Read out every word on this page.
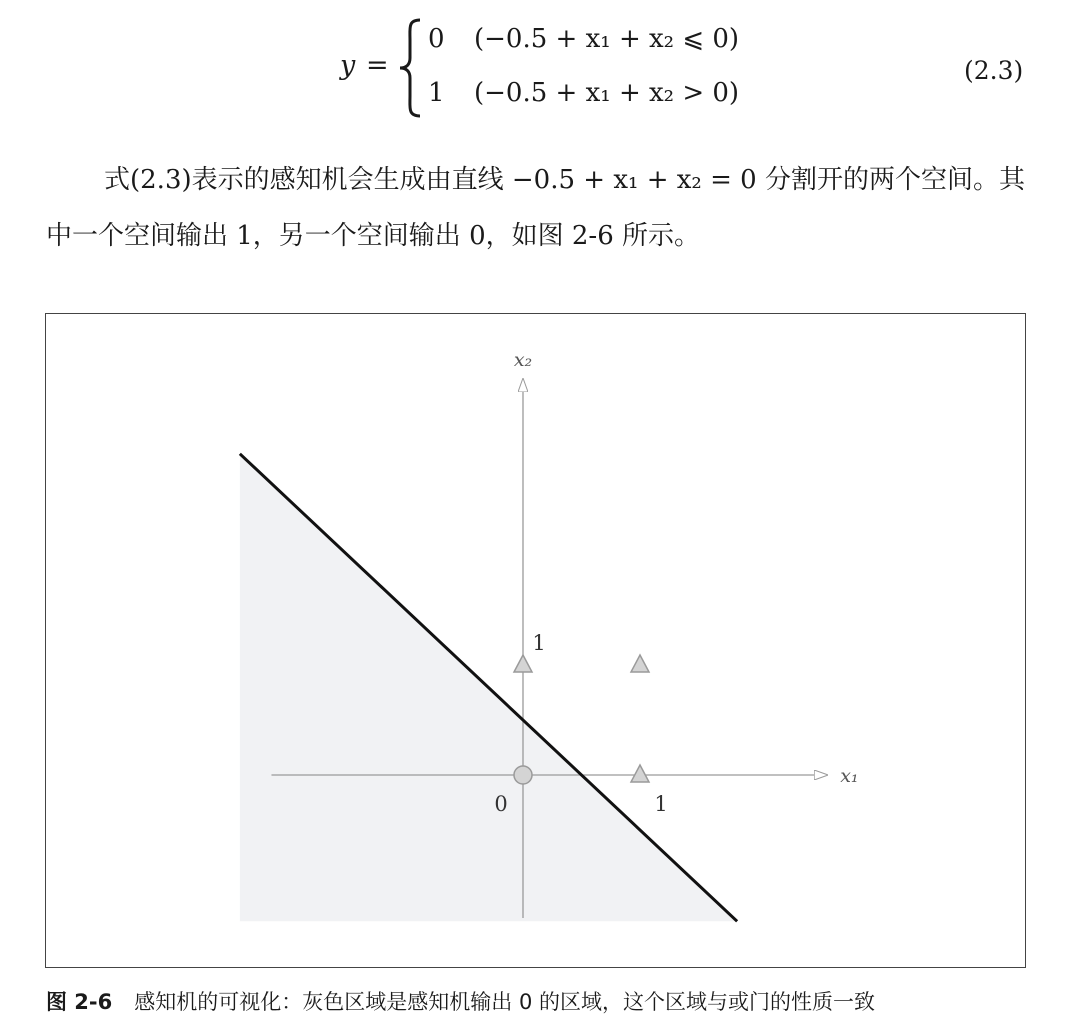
y =
0 (−0.5 + x₁ + x₂ ⩽ 0)
1 (−0.5 + x₁ + x₂ > 0)
(2.3)

式(2.3)表示的感知机会生成由直线 −0.5 + x₁ + x₂ = 0 分割开的两个空间。其中一个空间输出 1，另一个空间输出 0，如图 2-6 所示。

x₁
x₂
0	1
1
图 2-6 感知机的可视化：灰色区域是感知机输出 0 的区域，这个区域与或门的性质一致
